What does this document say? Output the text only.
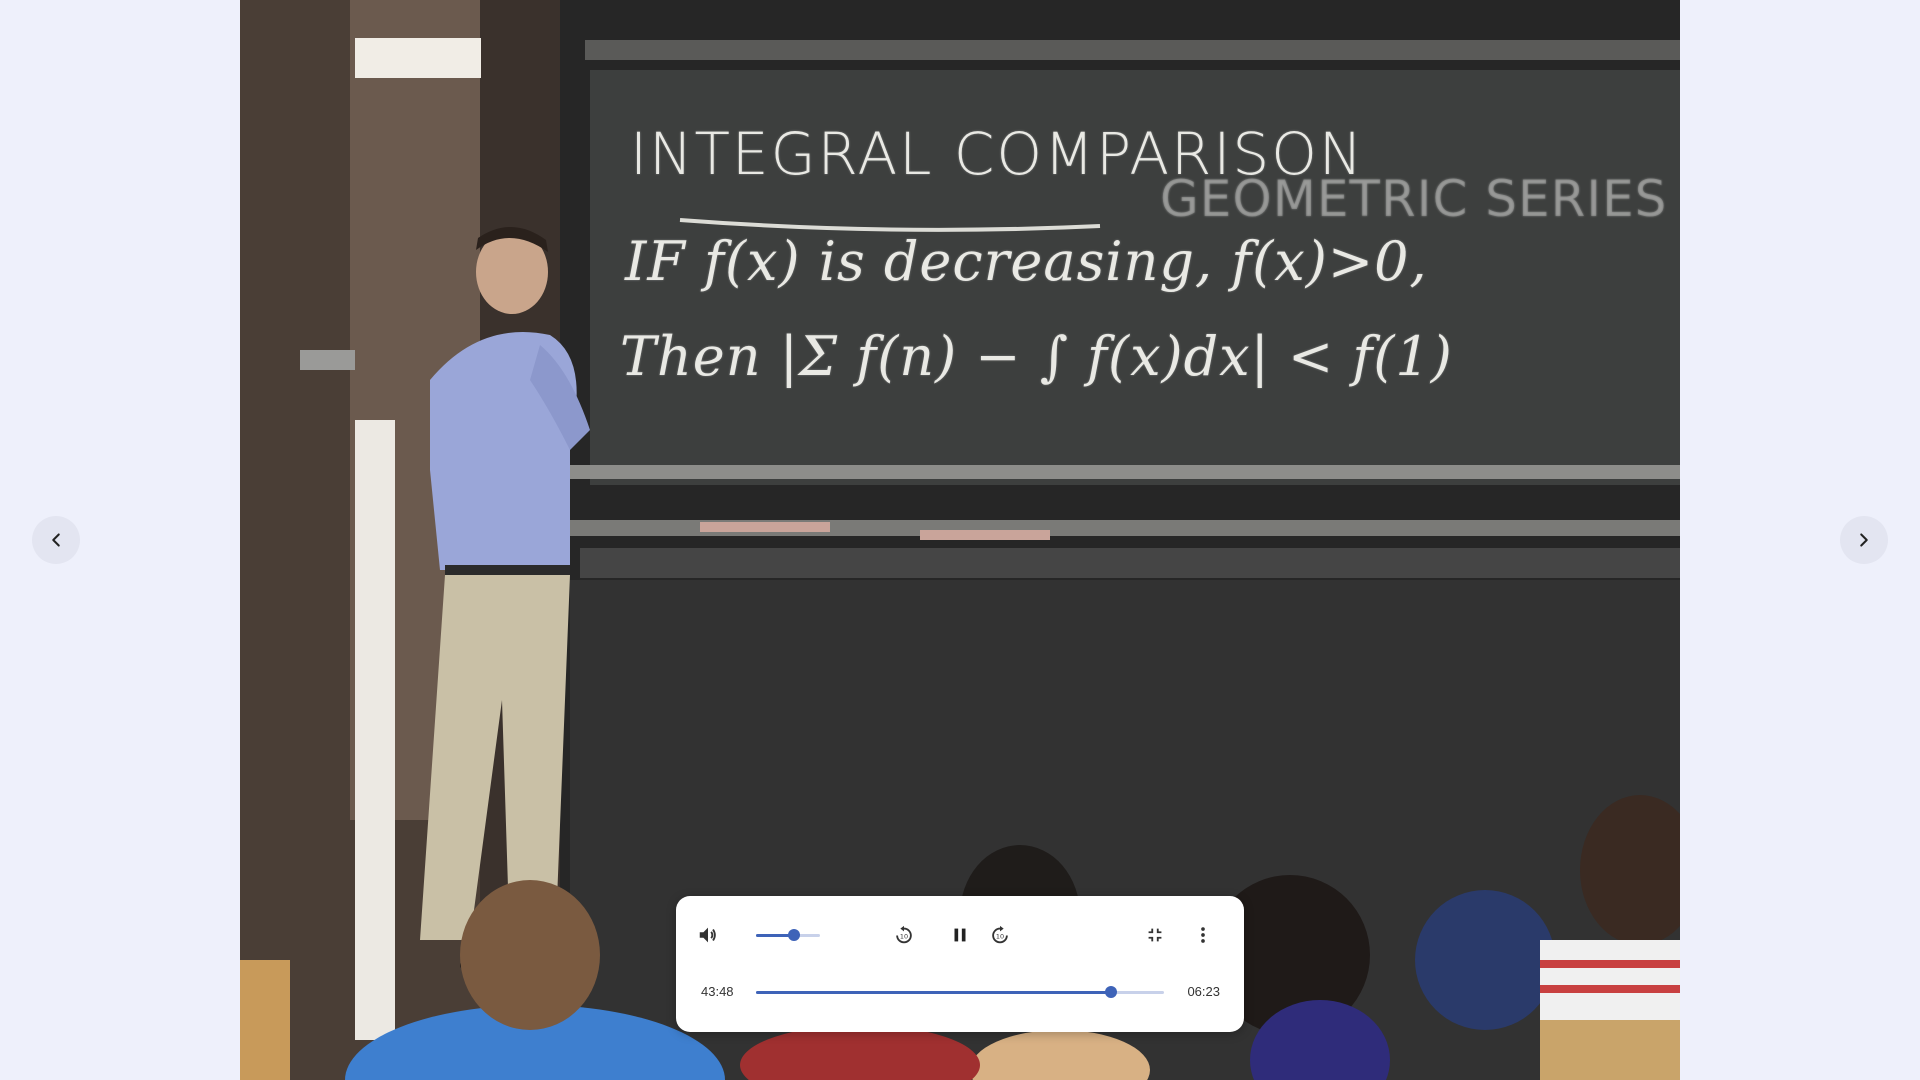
INTEGRAL COMPARISON
GEOMETRIC SERIES
IF f(x) is decreasing, f(x)>0,
Then |Σ f(n) − ∫ f(x)dx| < f(1)
10	10
43:48	06:23
